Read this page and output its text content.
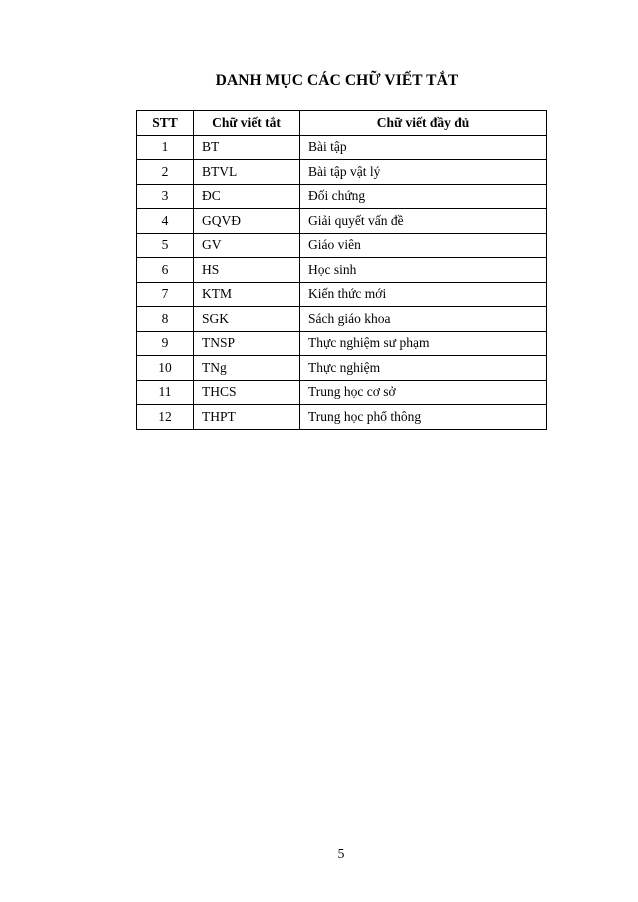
DANH MỤC CÁC CHỮ VIẾT TẮT
STT	Chữ viết tắt	Chữ viết đầy đủ
1	BT	Bài tập
2	BTVL	Bài tập vật lý
3	ĐC	Đối chứng
4	GQVĐ	Giải quyết vấn đề
5	GV	Giáo viên
6	HS	Học sinh
7	KTM	Kiến thức mới
8	SGK	Sách giáo khoa
9	TNSP	Thực nghiệm sư phạm
10	TNg	Thực nghiệm
11	THCS	Trung học cơ sở
12	THPT	Trung học phổ thông
5
